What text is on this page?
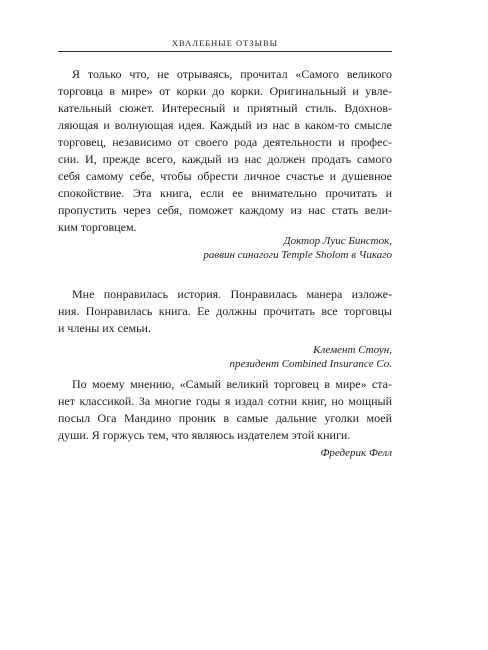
ХВАЛЕБНЫЕ ОТЗЫВЫ

Я только что, не отрываясь, прочитал «Самого великого
торговца в мире» от корки до корки. Оригинальный и увле-
кательный сюжет. Интересный и приятный стиль. Вдохнов-
ляющая и волнующая идея. Каждый из нас в каком-то смысле
торговец, независимо от своего рода деятельности и профес-
сии. И, прежде всего, каждый из нас должен продать самого
себя самому себе, чтобы обрести личное счастье и душевное
спокойствие. Эта книга, если ее внимательно прочитать и
пропустить через себя, поможет каждому из нас стать вели-
ким торговцем.

Доктор Луис Бинсток,
раввин синагоги Temple Sholom в Чикаго

Мне понравилась история. Понравилась манера изложе-
ния. Понравилась книга. Ее должны прочитать все торговцы
и члены их семьи.

Клемент Стоун,
президент Combined Insurance Co.

По моему мнению, «Самый великий торговец в мире» ста-
нет классикой. За многие годы я издал сотни книг, но мощный
посыл Ога Мандино проник в самые дальние уголки моей
души. Я горжусь тем, что являюсь издателем этой книги.

Фредерик Фелл
